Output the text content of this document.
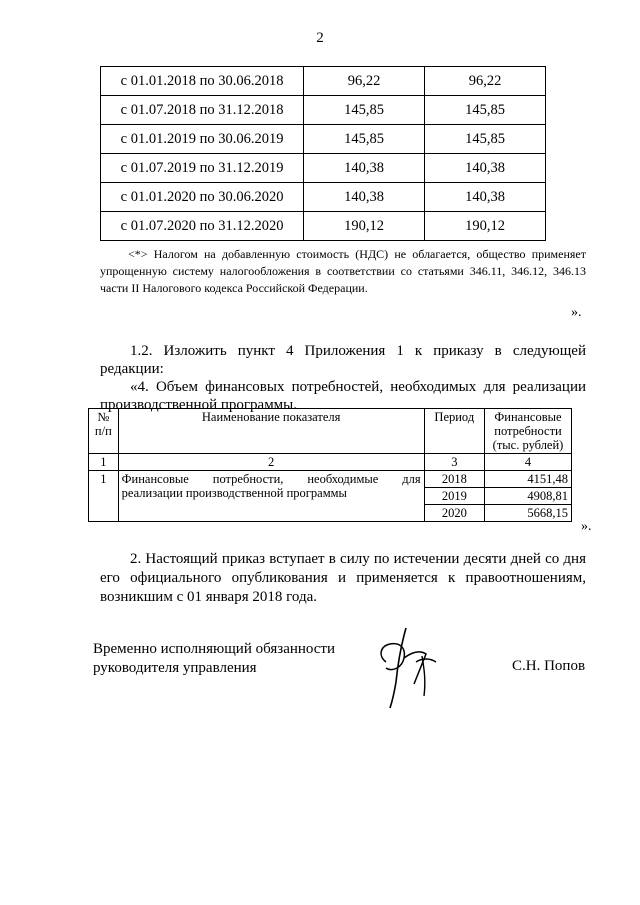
2
с 01.01.2018 по 30.06.2018	96,22	96,22
с 01.07.2018 по 31.12.2018	145,85	145,85
с 01.01.2019 по 30.06.2019	145,85	145,85
с 01.07.2019 по 31.12.2019	140,38	140,38
с 01.01.2020 по 30.06.2020	140,38	140,38
с 01.07.2020 по 31.12.2020	190,12	190,12
<*> Налогом на добавленную стоимость (НДС) не облагается, общество применяет упрощенную систему налогообложения в соответствии со статьями 346.11, 346.12, 346.13 части II Налогового кодекса Российской Федерации.
».
1.2. Изложить пункт 4 Приложения 1 к приказу в следующей редакции:
«4. Объем финансовых потребностей, необходимых для реализации производственной программы.
№ п/п	Наименование показателя	Период	Финансовые потребности (тыс. рублей)
1	2	3	4
1	Финансовые потребности, необходимые для реализации производственной программы	2018	4151,48
		2019	4908,81
		2020	5668,15
».
2. Настоящий приказ вступает в силу по истечении десяти дней со дня его официального опубликования и применяется к правоотношениям, возникшим с 01 января 2018 года.
Временно исполняющий обязанности
руководителя управления	С.Н. Попов
